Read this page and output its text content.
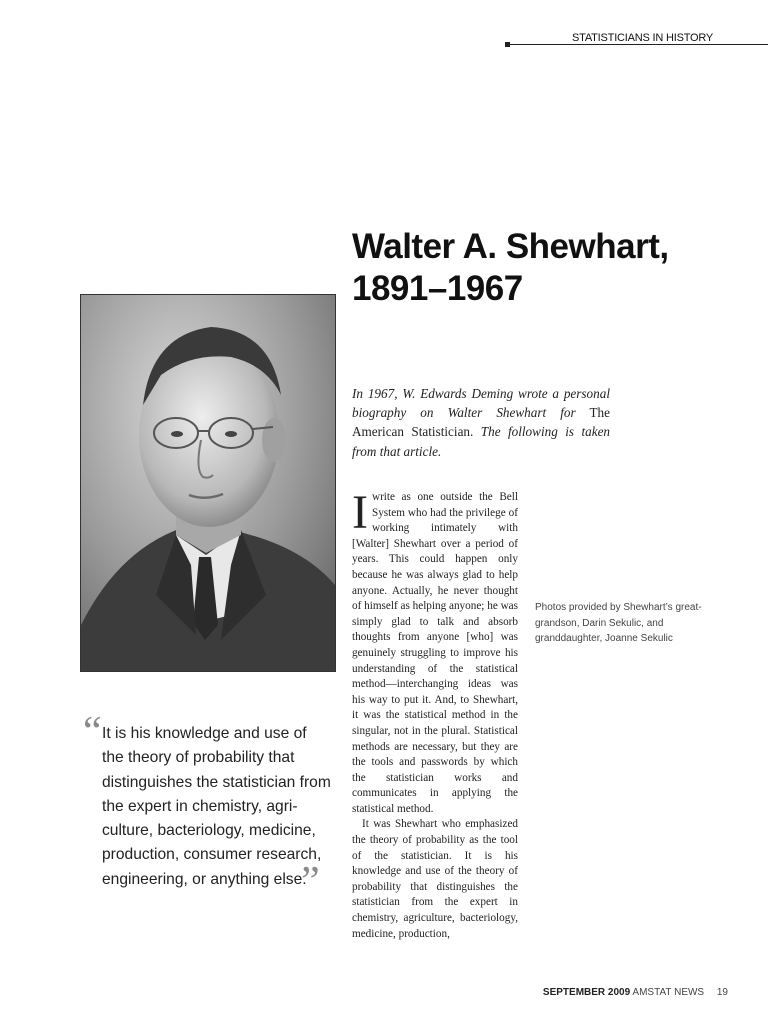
STATISTICIANS IN HISTORY
Walter A. Shewhart,
1891–1967
In 1967, W. Edwards Deming wrote a personal biography on Walter Shewhart for The American Statistician. The following is taken from that article.

Iwrite as one outside the Bell System who had the privilege of working intimately with [Walter] Shewhart over a period of years. This could happen only because he was always glad to help anyone. Actually, he never thought of himself as helping anyone; he was simply glad to talk and absorb thoughts from anyone [who] was genuinely struggling to improve his understanding of the statistical method—interchanging ideas was his way to put it. And, to Shewhart, it was the statistical method in the singular, not in the plural. Statistical methods are necessary, but they are the tools and passwords by which the statistician works and communicates in applying the statistical method.

It was Shewhart who emphasized the theory of probability as the tool of the statistician. It is his knowledge and use of the theory of probability that distinguishes the statistician from the expert in chemistry, agriculture, bacteriology, medicine, production,

Photos provided by Shewhart’s great-grandson, Darin Sekulic, and granddaughter, Joanne Sekulic
“ It is his knowledge and use of
the theory of probability that
distinguishes the statistician from
the expert in chemistry, agri-
culture, bacteriology, medicine,
production, consumer research,
engineering, or anything else.
”
SEPTEMBER 2009 AMSTAT NEWS 19
